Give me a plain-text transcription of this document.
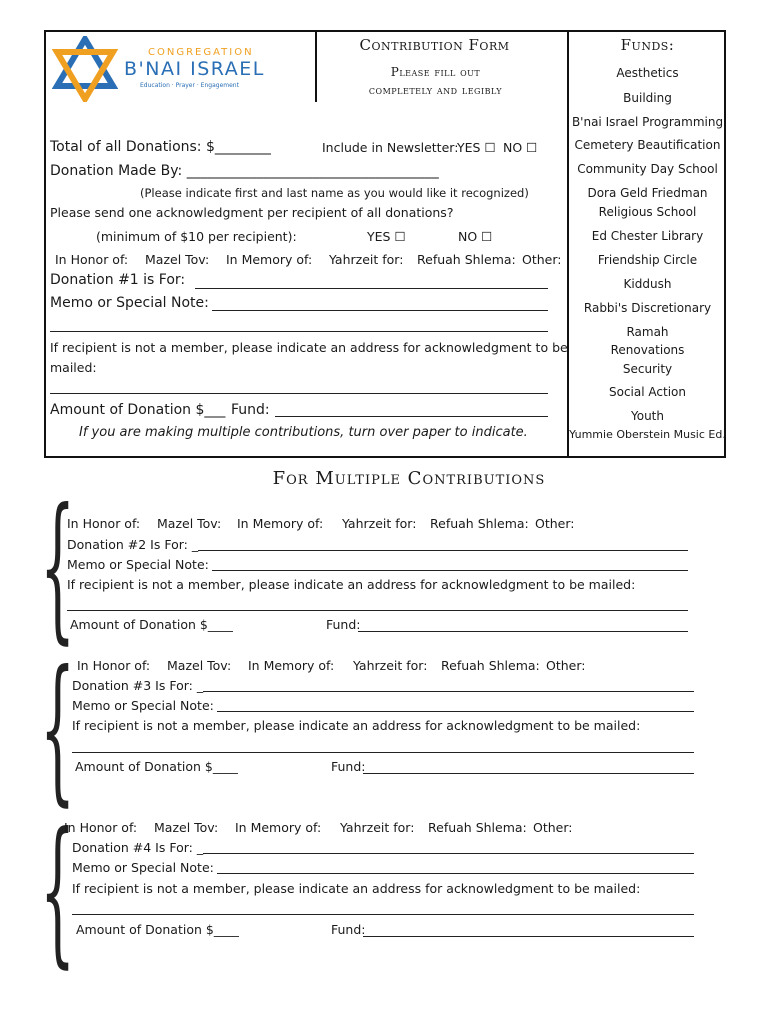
CONGREGATION
B'NAI ISRAEL
Education · Prayer · Engagement
Contribution Form
Please fill out
completely and legibly
Funds:
Aesthetics
Building
B'nai Israel Programming
Cemetery Beautification
Community Day School
Dora Geld Friedman
Religious School
Ed Chester Library
Friendship Circle
Kiddush
Rabbi's Discretionary
Ramah
Renovations
Security
Social Action
Youth
Yummie Oberstein Music Ed.
Total of all Donations: $________	Include in Newsletter:
YES ☐ NO ☐
Donation Made By: ____________________________________
(Please indicate first and last name as you would like it recognized)
Please send one acknowledgment per recipient of all donations?
(minimum of $10 per recipient):	YES ☐	NO ☐
In Honor of: Mazel Tov: In Memory of: Yahrzeit for: Refuah Shlema: Other:
Donation #1 is For:
Memo or Special Note:
If recipient is not a member, please indicate an address for acknowledgment to be
mailed:
Amount of Donation $___ Fund:
If you are making multiple contributions, turn over paper to indicate.
For Multiple Contributions
{
In Honor of: Mazel Tov: In Memory of: Yahrzeit for: Refuah Shlema: Other:
Donation #2 Is For: _
Memo or Special Note:
If recipient is not a member, please indicate an address for acknowledgment to be mailed:
Amount of Donation $____	Fund:
{ In Honor of: Mazel Tov: In Memory of: Yahrzeit for: Refuah Shlema: Other:
Donation #3 Is For: _
Memo or Special Note:
If recipient is not a member, please indicate an address for acknowledgment to be mailed:
Amount of Donation $____	Fund:
{
In Honor of: Mazel Tov: In Memory of: Yahrzeit for: Refuah Shlema: Other:
Donation #4 Is For: _
Memo or Special Note:
If recipient is not a member, please indicate an address for acknowledgment to be mailed:
Amount of Donation $____	Fund:
